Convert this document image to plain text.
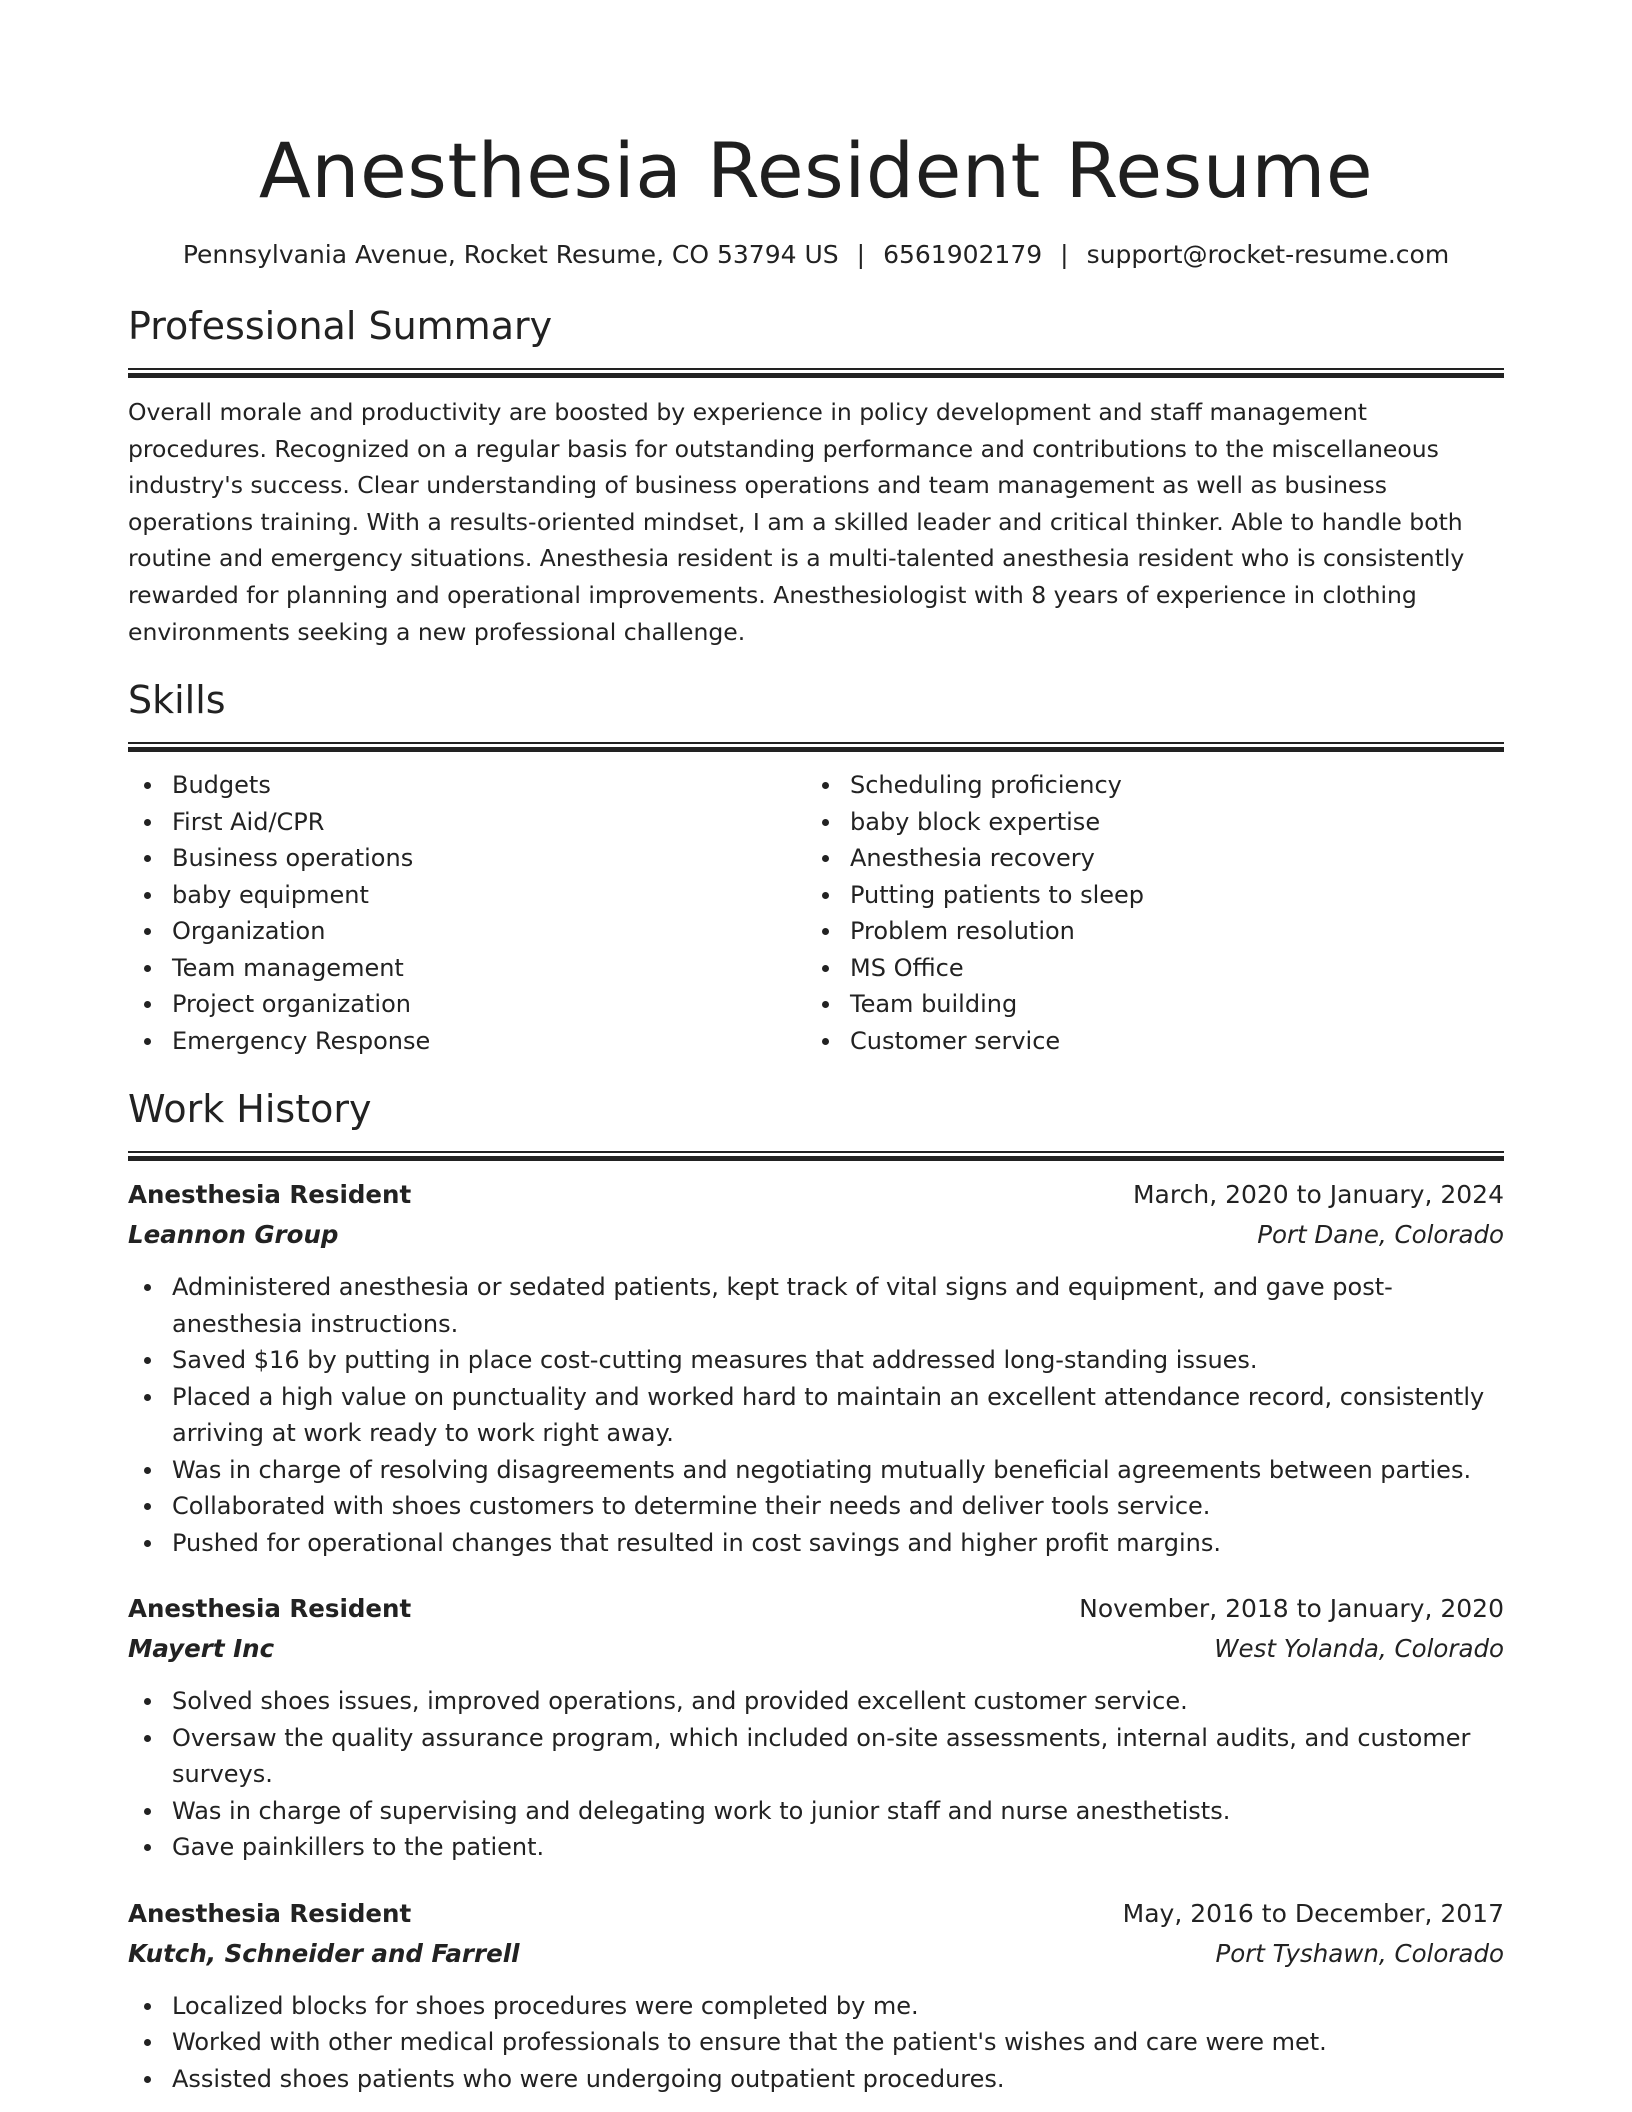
Anesthesia Resident Resume
Pennsylvania Avenue, Rocket Resume, CO 53794 US | 6561902179 | support@rocket-resume.com
Professional Summary

Overall morale and productivity are boosted by experience in policy development and staff management procedures. Recognized on a regular basis for outstanding performance and contributions to the miscellaneous industry's success. Clear understanding of business operations and team management as well as business operations training. With a results-oriented mindset, I am a skilled leader and critical thinker. Able to handle both routine and emergency situations. Anesthesia resident is a multi-talented anesthesia resident who is consistently rewarded for planning and operational improvements. Anesthesiologist with 8 years of experience in clothing environments seeking a new professional challenge.

Skills
Budgets
First Aid/CPR
Business operations
baby equipment
Organization
Team management
Project organization
Emergency Response
Scheduling proficiency
baby block expertise
Anesthesia recovery
Putting patients to sleep
Problem resolution
MS Office
Team building
Customer service
Work History
Anesthesia Resident	March, 2020 to January, 2024
Leannon Group	Port Dane, Colorado
Administered anesthesia or sedated patients, kept track of vital signs and equipment, and gave post-anesthesia instructions.
Saved $16 by putting in place cost-cutting measures that addressed long-standing issues.
Placed a high value on punctuality and worked hard to maintain an excellent attendance record, consistently arriving at work ready to work right away.
Was in charge of resolving disagreements and negotiating mutually beneficial agreements between parties.
Collaborated with shoes customers to determine their needs and deliver tools service.
Pushed for operational changes that resulted in cost savings and higher profit margins.
Anesthesia Resident	November, 2018 to January, 2020
Mayert Inc	West Yolanda, Colorado
Solved shoes issues, improved operations, and provided excellent customer service.
Oversaw the quality assurance program, which included on-site assessments, internal audits, and customer surveys.
Was in charge of supervising and delegating work to junior staff and nurse anesthetists.
Gave painkillers to the patient.
Anesthesia Resident	May, 2016 to December, 2017
Kutch, Schneider and Farrell	Port Tyshawn, Colorado
Localized blocks for shoes procedures were completed by me.
Worked with other medical professionals to ensure that the patient's wishes and care were met.
Assisted shoes patients who were undergoing outpatient procedures.
